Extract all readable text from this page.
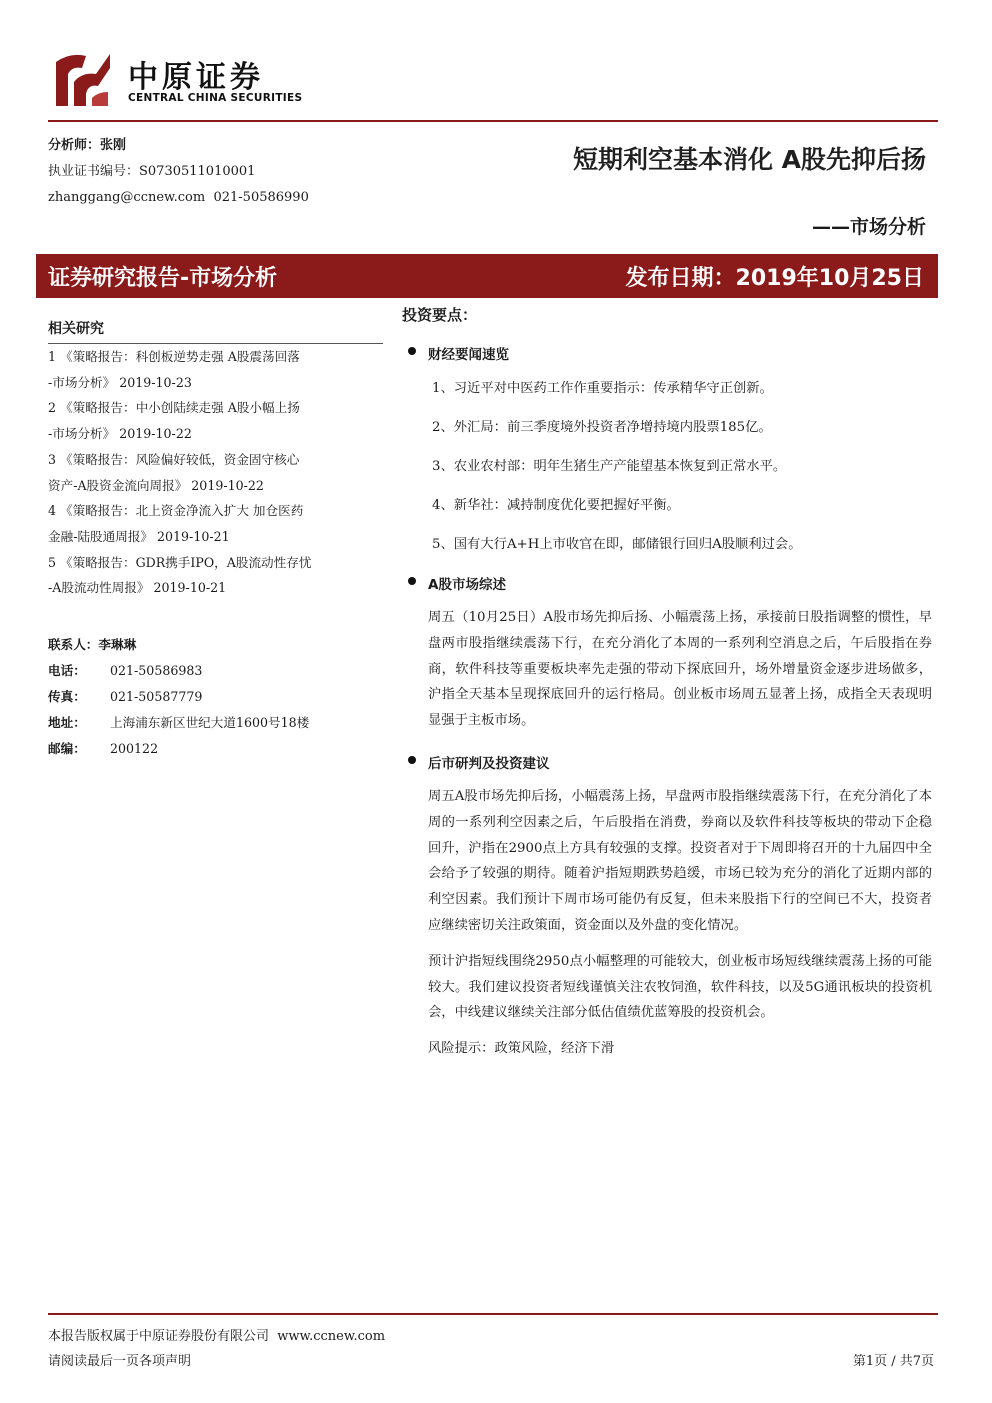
中原证券
CENTRAL CHINA SECURITIES
分析师：张刚
执业证书编号：S0730511010001
zhanggang@ccnew.com  021-50586990
短期利空基本消化 A股先抑后扬
——市场分析
证券研究报告-市场分析	发布日期：2019年10月25日
相关研究
1 《策略报告：科创板逆势走强 A股震荡回落
-市场分析》 2019-10-23
2 《策略报告：中小创陆续走强 A股小幅上扬
-市场分析》 2019-10-22
3 《策略报告：风险偏好较低，资金固守核心
资产-A股资金流向周报》 2019-10-22
4 《策略报告：北上资金净流入扩大 加仓医药
金融-陆股通周报》 2019-10-21
5 《策略报告：GDR携手IPO，A股流动性存忧
-A股流动性周报》 2019-10-21
联系人：李琳琳
电话： 021-50586983
传真： 021-50587779
地址： 上海浦东新区世纪大道1600号18楼
邮编： 200122
投资要点：
财经要闻速览
1、习近平对中医药工作作重要指示：传承精华守正创新。
2、外汇局：前三季度境外投资者净增持境内股票185亿。
3、农业农村部：明年生猪生产产能望基本恢复到正常水平。
4、新华社：减持制度优化要把握好平衡。
5、国有大行A+H上市收官在即，邮储银行回归A股顺利过会。
A股市场综述
周五（10月25日）A股市场先抑后扬、小幅震荡上扬，承接前日股指调整的惯性，早盘两市股指继续震荡下行，在充分消化了本周的一系列利空消息之后，午后股指在券商，软件科技等重要板块率先走强的带动下探底回升，场外增量资金逐步进场做多，沪指全天基本呈现探底回升的运行格局。创业板市场周五显著上扬，成指全天表现明显强于主板市场。
后市研判及投资建议
周五A股市场先抑后扬，小幅震荡上扬，早盘两市股指继续震荡下行，在充分消化了本周的一系列利空因素之后，午后股指在消费，券商以及软件科技等板块的带动下企稳回升，沪指在2900点上方具有较强的支撑。投资者对于下周即将召开的十九届四中全会给予了较强的期待。随着沪指短期跌势趋缓，市场已较为充分的消化了近期内部的利空因素。我们预计下周市场可能仍有反复，但未来股指下行的空间已不大，投资者应继续密切关注政策面，资金面以及外盘的变化情况。
预计沪指短线围绕2950点小幅整理的可能较大，创业板市场短线继续震荡上扬的可能较大。我们建议投资者短线谨慎关注农牧饲渔，软件科技，以及5G通讯板块的投资机会，中线建议继续关注部分低估值绩优蓝筹股的投资机会。
风险提示：政策风险，经济下滑
本报告版权属于中原证券股份有限公司  www.ccnew.com
请阅读最后一页各项声明	第1页 / 共7页
